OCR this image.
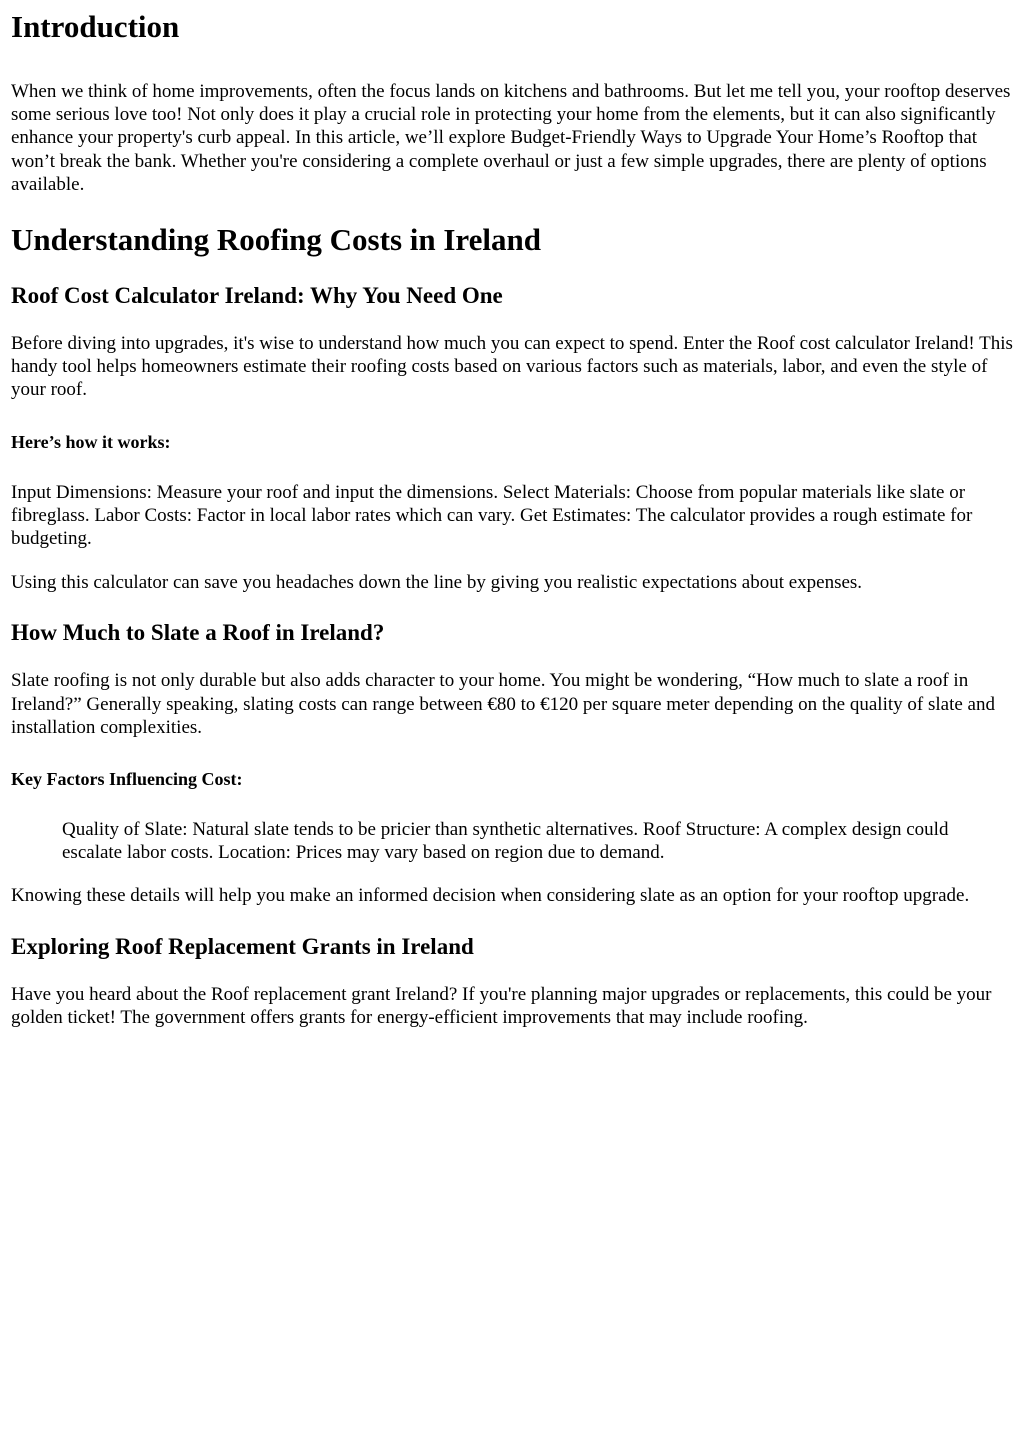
Introduction

When we think of home improvements, often the focus lands on kitchens and bathrooms. But let me tell you, your rooftop deserves some serious love too! Not only does it play a crucial role in protecting your home from the elements, but it can also significantly enhance your property's curb appeal. In this article, we’ll explore Budget-Friendly Ways to Upgrade Your Home’s Rooftop that won’t break the bank. Whether you're considering a complete overhaul or just a few simple upgrades, there are plenty of options available.

Understanding Roofing Costs in Ireland
Roof Cost Calculator Ireland: Why You Need One

Before diving into upgrades, it's wise to understand how much you can expect to spend. Enter the Roof cost calculator Ireland! This handy tool helps homeowners estimate their roofing costs based on various factors such as materials, labor, and even the style of your roof.

Here’s how it works:

Input Dimensions: Measure your roof and input the dimensions. Select Materials: Choose from popular materials like slate or fibreglass. Labor Costs: Factor in local labor rates which can vary. Get Estimates: The calculator provides a rough estimate for budgeting.

Using this calculator can save you headaches down the line by giving you realistic expectations about expenses.

How Much to Slate a Roof in Ireland?

Slate roofing is not only durable but also adds character to your home. You might be wondering, “How much to slate a roof in Ireland?” Generally speaking, slating costs can range between €80 to €120 per square meter depending on the quality of slate and installation complexities.

Key Factors Influencing Cost:

Quality of Slate: Natural slate tends to be pricier than synthetic alternatives. Roof Structure: A complex design could escalate labor costs. Location: Prices may vary based on region due to demand.

Knowing these details will help you make an informed decision when considering slate as an option for your rooftop upgrade.

Exploring Roof Replacement Grants in Ireland

Have you heard about the Roof replacement grant Ireland? If you're planning major upgrades or replacements, this could be your golden ticket! The government offers grants for energy-efficient improvements that may include roofing.
